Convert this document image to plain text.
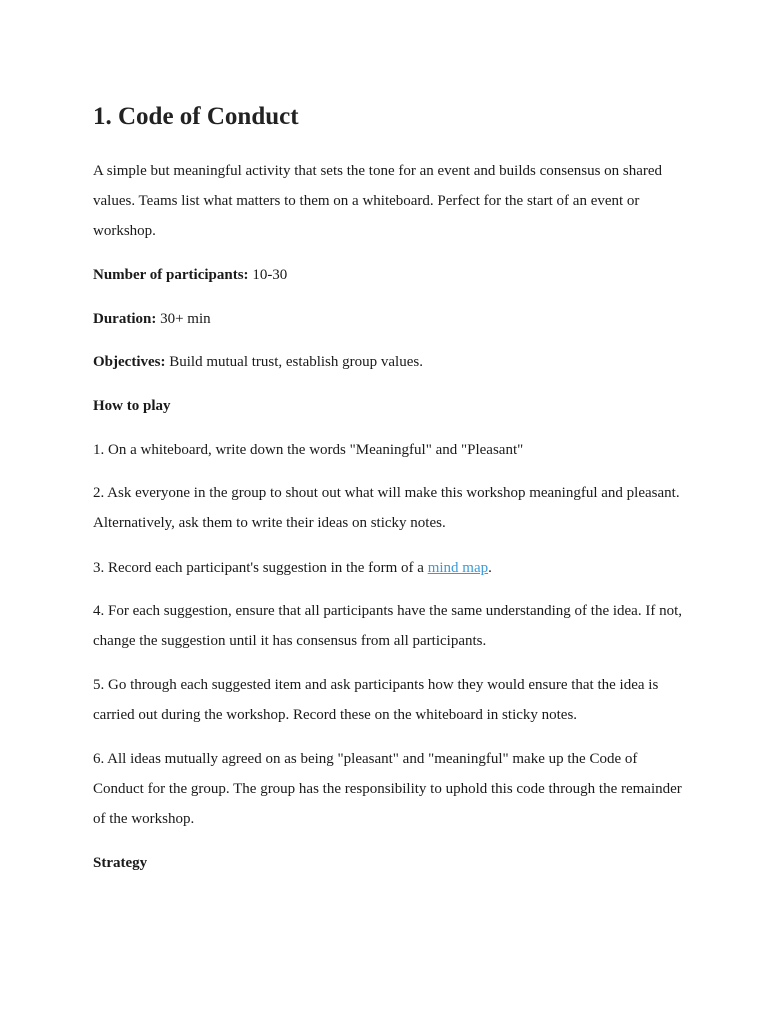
1. Code of Conduct

A simple but meaningful activity that sets the tone for an event and builds consensus on shared values. Teams list what matters to them on a whiteboard. Perfect for the start of an event or workshop.

Number of participants: 10-30

Duration: 30+ min

Objectives: Build mutual trust, establish group values.

How to play

1. On a whiteboard, write down the words "Meaningful" and "Pleasant"

2. Ask everyone in the group to shout out what will make this workshop meaningful and pleasant. Alternatively, ask them to write their ideas on sticky notes.

3. Record each participant's suggestion in the form of a mind map.

4. For each suggestion, ensure that all participants have the same understanding of the idea. If not, change the suggestion until it has consensus from all participants.

5. Go through each suggested item and ask participants how they would ensure that the idea is carried out during the workshop. Record these on the whiteboard in sticky notes.

6. All ideas mutually agreed on as being "pleasant" and "meaningful" make up the Code of Conduct for the group. The group has the responsibility to uphold this code through the remainder of the workshop.

Strategy
